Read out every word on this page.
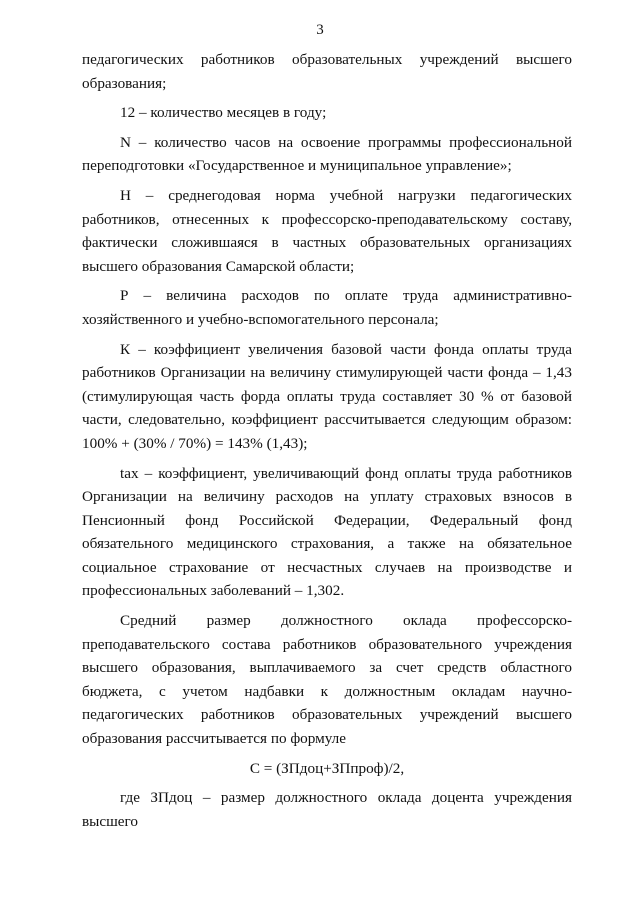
3

педагогических работников образовательных учреждений высшего образования;

12 – количество месяцев в году;

N – количество часов на освоение программы профессиональной переподготовки «Государственное и муниципальное управление»;

Н – среднегодовая норма учебной нагрузки педагогических работников, отнесенных к профессорско-преподавательскому составу, фактически сложившаяся в частных образовательных организациях высшего образования Самарской области;

Р – величина расходов по оплате труда административно-хозяйственного и учебно-вспомогательного персонала;

К – коэффициент увеличения базовой части фонда оплаты труда работников Организации на величину стимулирующей части фонда – 1,43 (стимулирующая часть форда оплаты труда составляет 30 % от базовой части, следовательно, коэффициент рассчитывается следующим образом: 100% + (30% / 70%) = 143% (1,43);

tax – коэффициент, увеличивающий фонд оплаты труда работников Организации на величину расходов на уплату страховых взносов в Пенсионный фонд Российской Федерации, Федеральный фонд обязательного медицинского страхования, а также на обязательное социальное страхование от несчастных случаев на производстве и профессиональных заболеваний – 1,302.

Средний размер должностного оклада профессорско-преподавательского состава работников образовательного учреждения высшего образования, выплачиваемого за счет средств областного бюджета, с учетом надбавки к должностным окладам научно-педагогических работников образовательных учреждений высшего образования рассчитывается по формуле

С = (ЗПдоц+ЗПпроф)/2,

где ЗПдоц – размер должностного оклада доцента учреждения высшего
